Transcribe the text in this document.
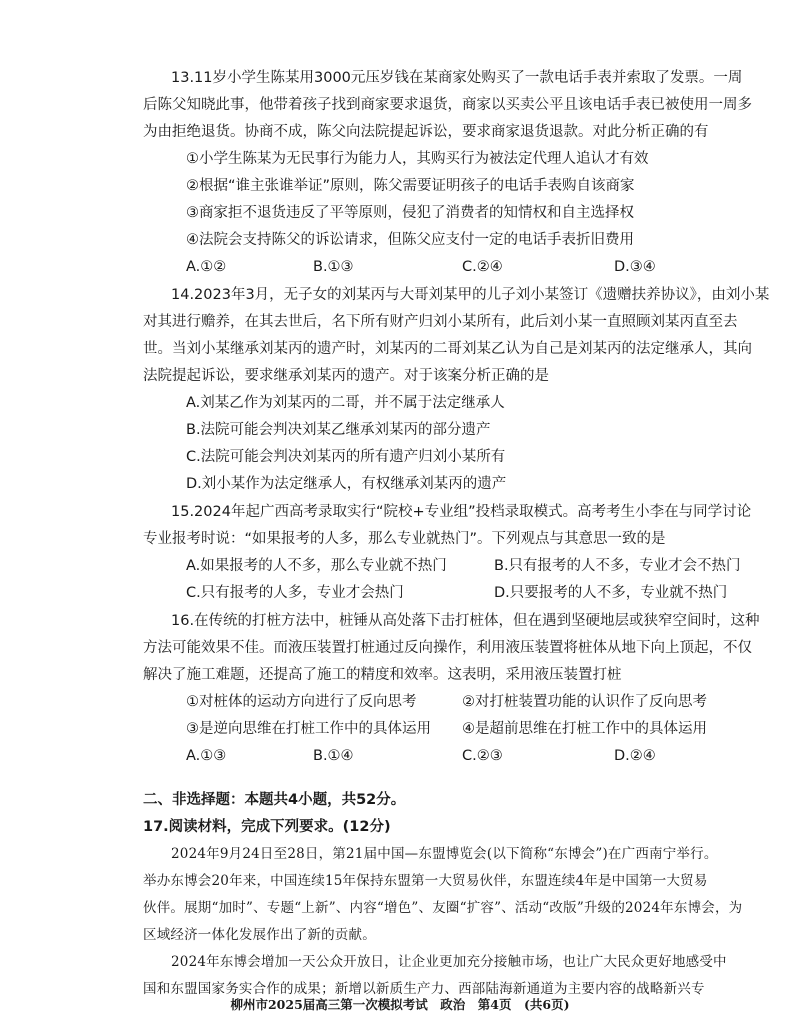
13.11岁小学生陈某用3000元压岁钱在某商家处购买了一款电话手表并索取了发票。一周
后陈父知晓此事，他带着孩子找到商家要求退货，商家以买卖公平且该电话手表已被使用一周多
为由拒绝退货。协商不成，陈父向法院提起诉讼，要求商家退货退款。对此分析正确的有
①小学生陈某为无民事行为能力人，其购买行为被法定代理人追认才有效
②根据“谁主张谁举证”原则，陈父需要证明孩子的电话手表购自该商家
③商家拒不退货违反了平等原则，侵犯了消费者的知情权和自主选择权
④法院会支持陈父的诉讼请求，但陈父应支付一定的电话手表折旧费用
A.①②	B.①③	C.②④	D.③④
14.2023年3月，无子女的刘某丙与大哥刘某甲的儿子刘小某签订《遗赠扶养协议》，由刘小某
对其进行赡养，在其去世后，名下所有财产归刘小某所有，此后刘小某一直照顾刘某丙直至去
世。当刘小某继承刘某丙的遗产时，刘某丙的二哥刘某乙认为自己是刘某丙的法定继承人，其向
法院提起诉讼，要求继承刘某丙的遗产。对于该案分析正确的是
A.刘某乙作为刘某丙的二哥，并不属于法定继承人
B.法院可能会判决刘某乙继承刘某丙的部分遗产
C.法院可能会判决刘某丙的所有遗产归刘小某所有
D.刘小某作为法定继承人，有权继承刘某丙的遗产
15.2024年起广西高考录取实行“院校+专业组”投档录取模式。高考考生小李在与同学讨论
专业报考时说：“如果报考的人多，那么专业就热门”。下列观点与其意思一致的是
A.如果报考的人不多，那么专业就不热门	B.只有报考的人不多，专业才会不热门
C.只有报考的人多，专业才会热门	D.只要报考的人不多，专业就不热门
16.在传统的打桩方法中，桩锤从高处落下击打桩体，但在遇到坚硬地层或狭窄空间时，这种
方法可能效果不佳。而液压装置打桩通过反向操作，利用液压装置将桩体从地下向上顶起，不仅
解决了施工难题，还提高了施工的精度和效率。这表明，采用液压装置打桩
①对桩体的运动方向进行了反向思考	②对打桩装置功能的认识作了反向思考
③是逆向思维在打桩工作中的具体运用 ④是超前思维在打桩工作中的具体运用
A.①③	B.①④	C.②③	D.②④
二、非选择题：本题共4小题，共52分。
17.阅读材料，完成下列要求。(12分)
2024年9月24日至28日，第21届中国—东盟博览会(以下简称“东博会”)在广西南宁举行。
举办东博会20年来，中国连续15年保持东盟第一大贸易伙伴，东盟连续4年是中国第一大贸易
伙伴。展期“加时”、专题“上新”、内容“增色”、友圈“扩容”、活动“改版”升级的2024年东博会，为
区域经济一体化发展作出了新的贡献。
2024年东博会增加一天公众开放日，让企业更加充分接触市场，也让广大民众更好地感受中
国和东盟国家务实合作的成果；新增以新质生产力、西部陆海新通道为主要内容的战略新兴专
柳州市2025届高三第一次模拟考试　政治　第4页　(共6页)
